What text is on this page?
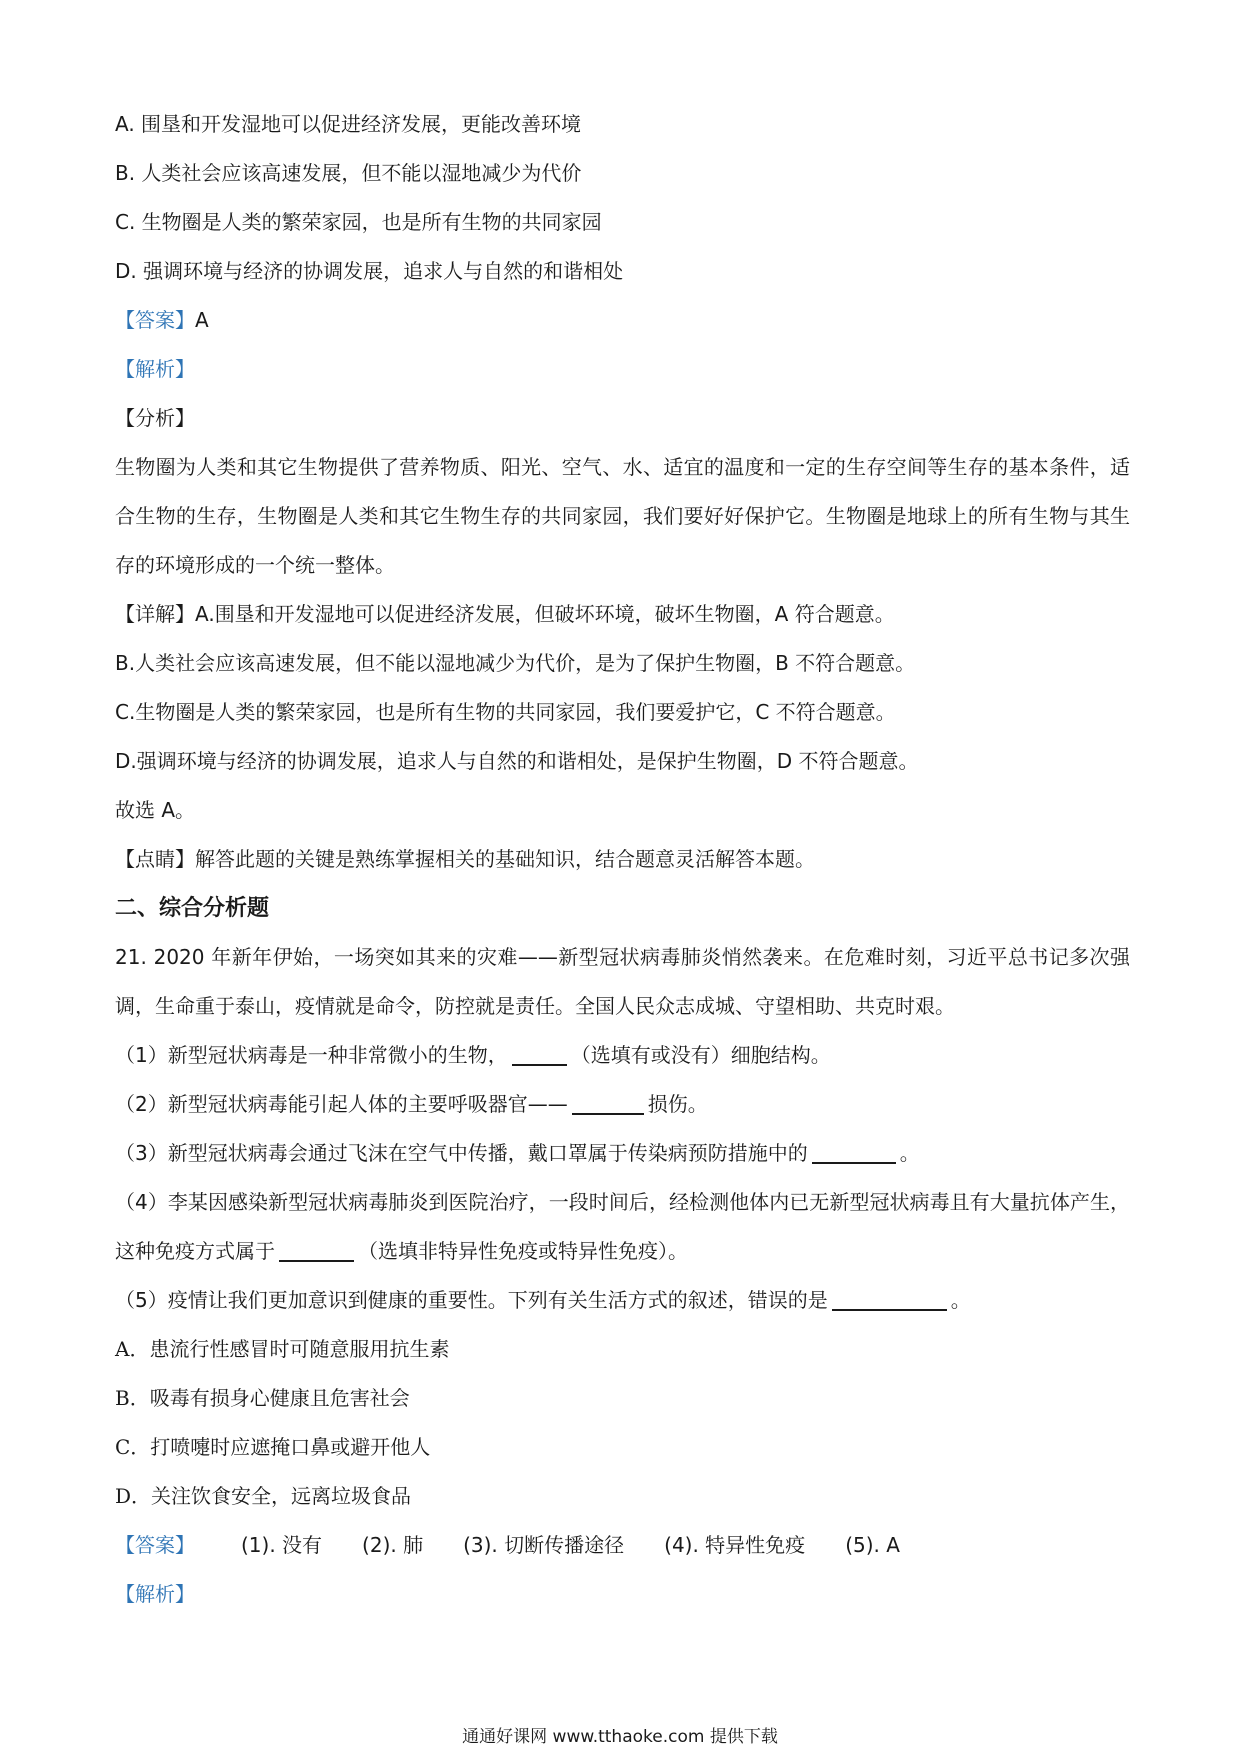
A. 围垦和开发湿地可以促进经济发展，更能改善环境

B. 人类社会应该高速发展，但不能以湿地减少为代价

C. 生物圈是人类的繁荣家园，也是所有生物的共同家园

D. 强调环境与经济的协调发展，追求人与自然的和谐相处

【答案】A

【解析】

【分析】

生物圈为人类和其它生物提供了营养物质、阳光、空气、水、适宜的温度和一定的生存空间等生存的基本条件，适合生物的生存，生物圈是人类和其它生物生存的共同家园，我们要好好保护它。生物圈是地球上的所有生物与其生存的环境形成的一个统一整体。

【详解】A.围垦和开发湿地可以促进经济发展，但破坏环境，破坏生物圈，A 符合题意。

B.人类社会应该高速发展，但不能以湿地减少为代价，是为了保护生物圈，B 不符合题意。

C.生物圈是人类的繁荣家园，也是所有生物的共同家园，我们要爱护它，C 不符合题意。

D.强调环境与经济的协调发展，追求人与自然的和谐相处，是保护生物圈，D 不符合题意。

故选 A。

【点睛】解答此题的关键是熟练掌握相关的基础知识，结合题意灵活解答本题。

二、综合分析题

21. 2020 年新年伊始，一场突如其来的灾难——新型冠状病毒肺炎悄然袭来。在危难时刻，习近平总书记多次强调，生命重于泰山，疫情就是命令，防控就是责任。全国人民众志成城、守望相助、共克时艰。

（1）新型冠状病毒是一种非常微小的生物，	（选填有或没有）细胞结构。

（2）新型冠状病毒能引起人体的主要呼吸器官——	损伤。

（3）新型冠状病毒会通过飞沫在空气中传播，戴口罩属于传染病预防措施中的	。

（4）李某因感染新型冠状病毒肺炎到医院治疗，一段时间后，经检测他体内已无新型冠状病毒且有大量抗体产生，这种免疫方式属于	（选填非特异性免疫或特异性免疫）。

（5）疫情让我们更加意识到健康的重要性。下列有关生活方式的叙述，错误的是	。

A．患流行性感冒时可随意服用抗生素

B．吸毒有损身心健康且危害社会

C．打喷嚏时应遮掩口鼻或避开他人

D．关注饮食安全，远离垃圾食品

【答案】 (1). 没有 (2). 肺 (3). 切断传播途径 (4). 特异性免疫 (5). A

【解析】

通通好课网 www.tthaoke.com 提供下载
